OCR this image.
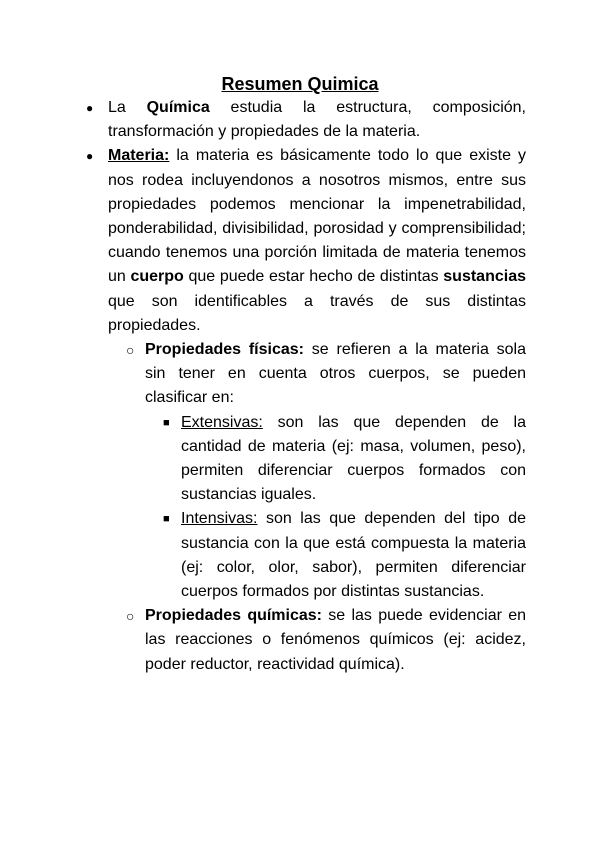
Resumen Quimica
● La Química estudia la estructura, composición, transformación y propiedades de la materia.
● Materia: la materia es básicamente todo lo que existe y nos rodea incluyendonos a nosotros mismos, entre sus propiedades podemos mencionar la impenetrabilidad, ponderabilidad, divisibilidad, porosidad y comprensibilidad; cuando tenemos una porción limitada de materia tenemos un cuerpo que puede estar hecho de distintas sustancias que son identificables a través de sus distintas propiedades.
○ Propiedades físicas: se refieren a la materia sola sin tener en cuenta otros cuerpos, se pueden clasificar en:
■ Extensivas: son las que dependen de la cantidad de materia (ej: masa, volumen, peso), permiten diferenciar cuerpos formados con sustancias iguales.
■ Intensivas: son las que dependen del tipo de sustancia con la que está compuesta la materia (ej: color, olor, sabor), permiten diferenciar cuerpos formados por distintas sustancias.
○ Propiedades químicas: se las puede evidenciar en las reacciones o fenómenos químicos (ej: acidez, poder reductor, reactividad química).
